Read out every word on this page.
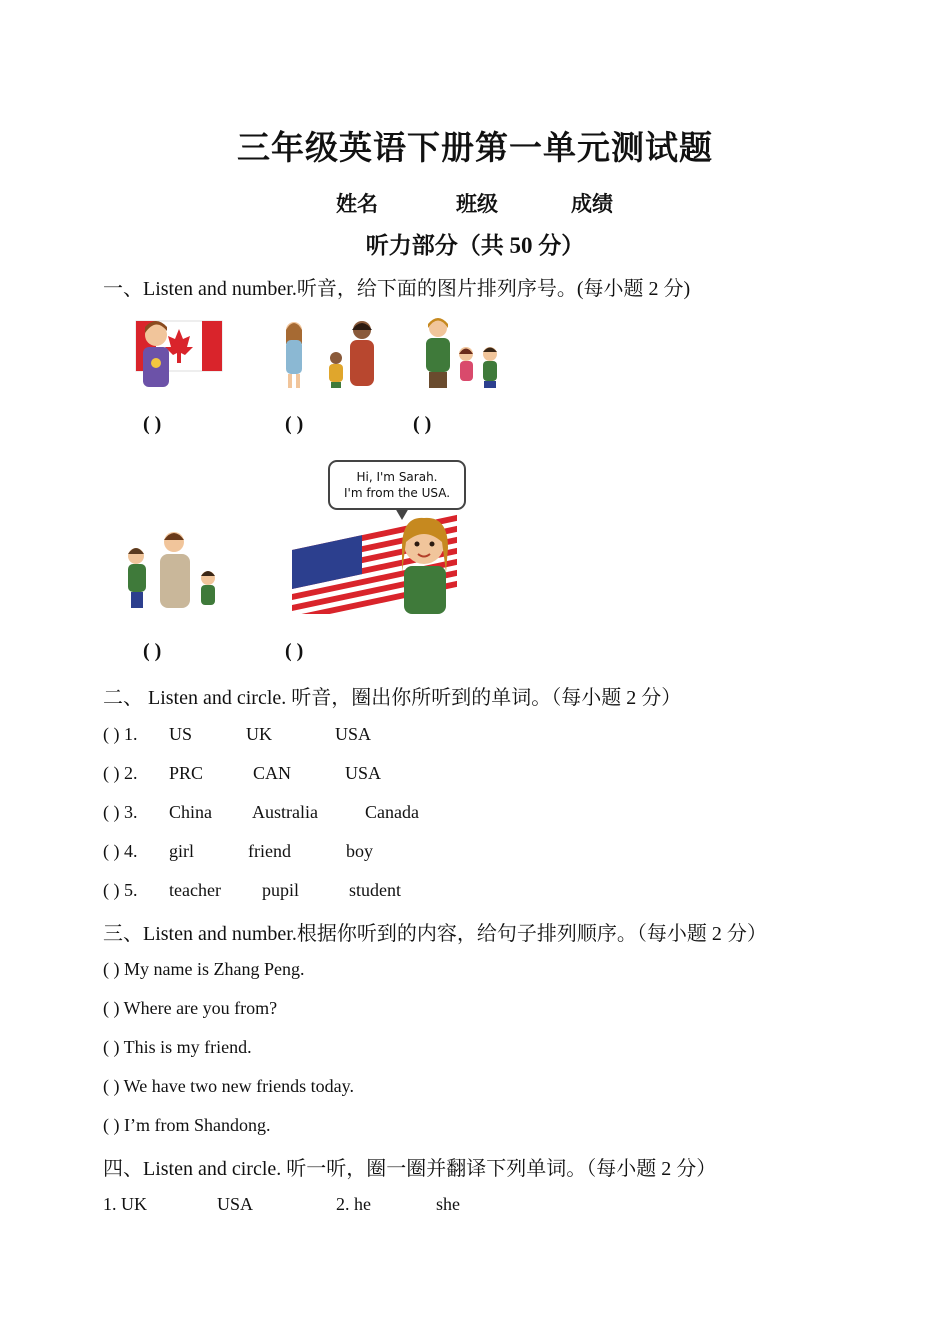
三年级英语下册第一单元测试题
姓名	班级	成绩
听力部分（共 50 分）
一、Listen and number.听音，给下面的图片排列序号。(每小题 2 分)
( )	( )	( )
Hi, I'm Sarah.
I'm from the USA.
( )	( )
二、 Listen and circle. 听音，圈出你所听到的单词。（每小题 2 分）
( ) 1. US	UK	USA
( ) 2. PRC	CAN	USA
( ) 3. China Australia	Canada
( ) 4. girl	friend	boy
( ) 5. teacher pupil	student
三、Listen and number.根据你听到的内容，给句子排列顺序。（每小题 2 分）
( ) My name is Zhang Peng.
( ) Where are you from?
( ) This is my friend.
( ) We have two new friends today.
( ) I’m from Shandong.
四、Listen and circle. 听一听，圈一圈并翻译下列单词。（每小题 2 分）
1. UK	USA	2. he	she
